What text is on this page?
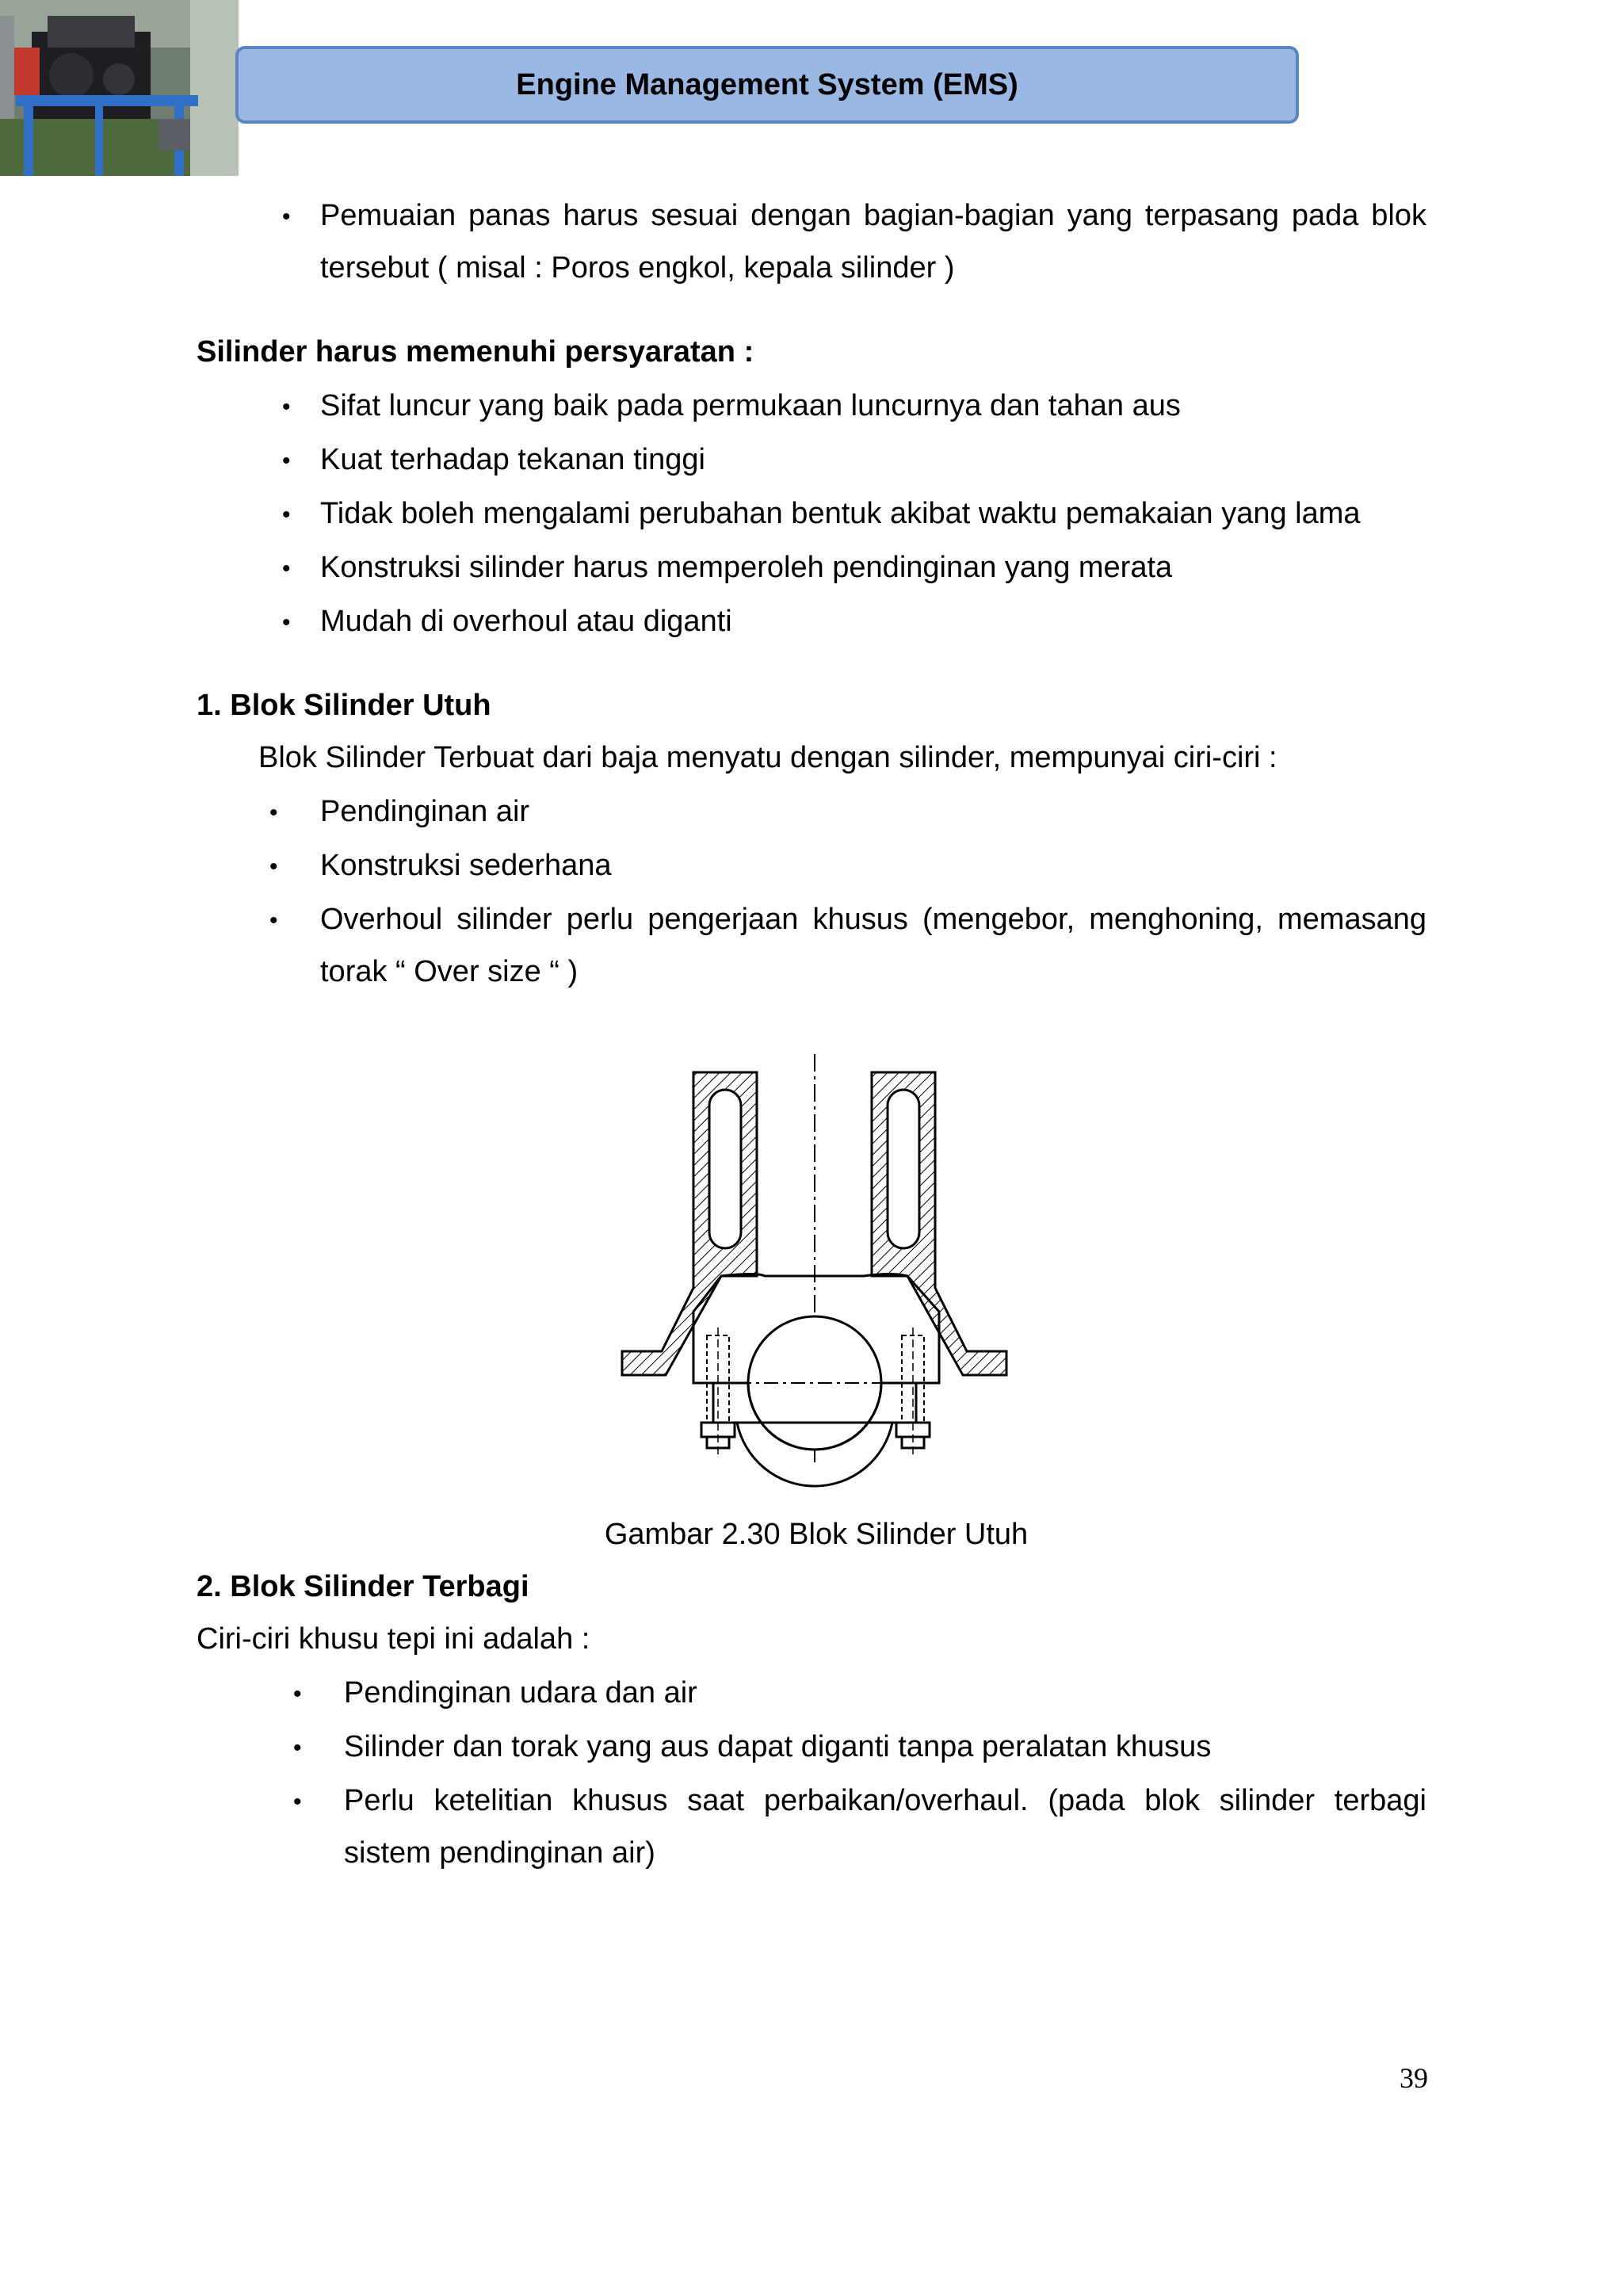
Engine Management System (EMS)
• Pemuaian panas harus sesuai dengan bagian-bagian yang terpasang pada blok
tersebut ( misal : Poros engkol, kepala silinder )
Silinder harus memenuhi persyaratan :
• Sifat luncur yang baik pada permukaan luncurnya dan tahan aus
• Kuat terhadap tekanan tinggi
• Tidak boleh mengalami perubahan bentuk akibat waktu pemakaian yang lama
• Konstruksi silinder harus memperoleh pendinginan yang merata
• Mudah di overhoul atau diganti
1. Blok Silinder Utuh
Blok Silinder Terbuat dari baja menyatu dengan silinder, mempunyai ciri-ciri :
• Pendinginan air
• Konstruksi sederhana
• Overhoul silinder perlu pengerjaan khusus (mengebor, menghoning, memasang
torak “ Over size “ )
Gambar 2.30 Blok Silinder Utuh
2. Blok Silinder Terbagi
Ciri-ciri khusu tepi ini adalah :
• Pendinginan udara dan air
• Silinder dan torak yang aus dapat diganti tanpa peralatan khusus
• Perlu ketelitian khusus saat perbaikan/overhaul. (pada blok silinder terbagi
sistem pendinginan air)
39
